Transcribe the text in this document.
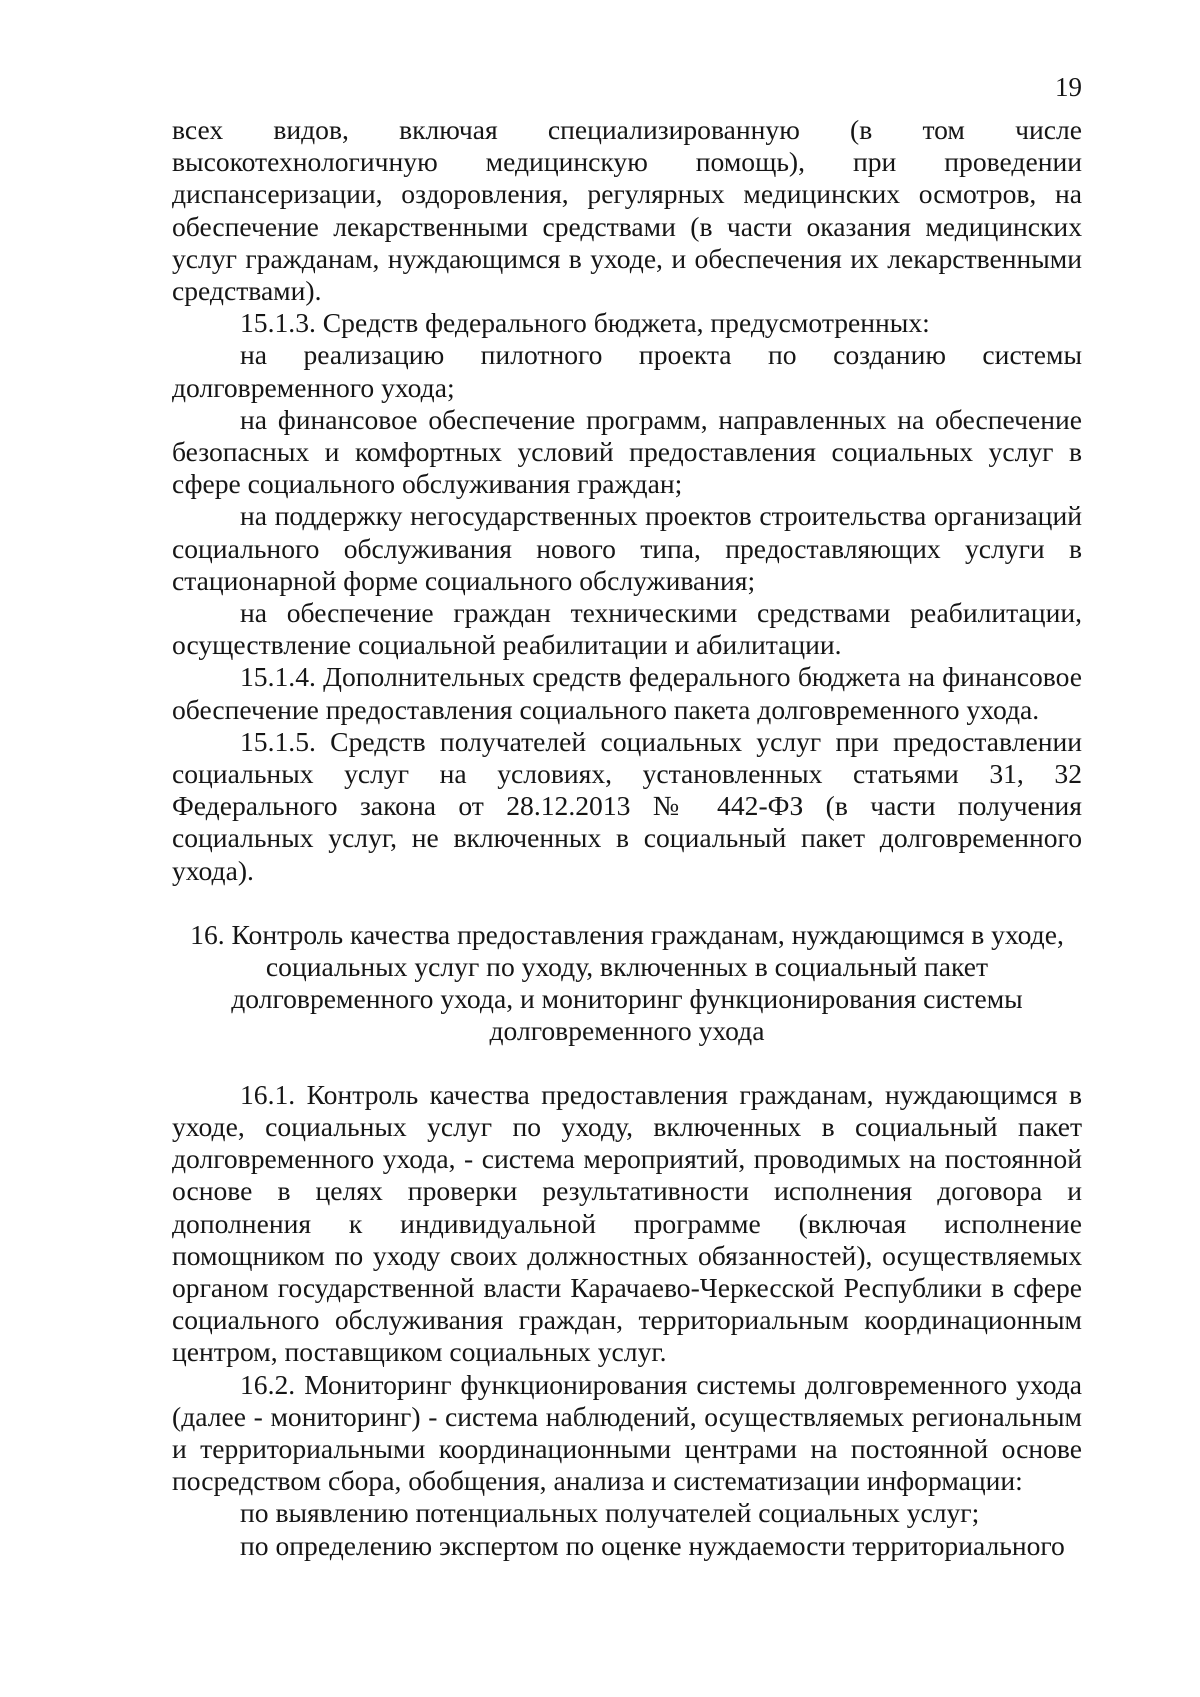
19

всех видов, включая специализированную (в том числе высокотехнологичную медицинскую помощь), при проведении диспансеризации, оздоровления, регулярных медицинских осмотров, на обеспечение лекарственными средствами (в части оказания медицинских услуг гражданам, нуждающимся в уходе, и обеспечения их лекарственными средствами).

15.1.3. Средств федерального бюджета, предусмотренных:

на реализацию пилотного проекта по созданию системы долговременного ухода;

на финансовое обеспечение программ, направленных на обеспечение безопасных и комфортных условий предоставления социальных услуг в сфере социального обслуживания граждан;

на поддержку негосударственных проектов строительства организаций социального обслуживания нового типа, предоставляющих услуги в стационарной форме социального обслуживания;

на обеспечение граждан техническими средствами реабилитации, осуществление социальной реабилитации и абилитации.

15.1.4. Дополнительных средств федерального бюджета на финансовое обеспечение предоставления социального пакета долговременного ухода.

15.1.5. Средств получателей социальных услуг при предоставлении социальных услуг на условиях, установленных статьями 31, 32 Федерального закона от 28.12.2013 № 442-ФЗ (в части получения социальных услуг, не включенных в социальный пакет долговременного ухода).

16. Контроль качества предоставления гражданам, нуждающимся в уходе,
социальных услуг по уходу, включенных в социальный пакет
долговременного ухода, и мониторинг функционирования системы
долговременного ухода

16.1. Контроль качества предоставления гражданам, нуждающимся в уходе, социальных услуг по уходу, включенных в социальный пакет долговременного ухода, - система мероприятий, проводимых на постоянной основе в целях проверки результативности исполнения договора и дополнения к индивидуальной программе (включая исполнение помощником по уходу своих должностных обязанностей), осуществляемых органом государственной власти Карачаево-Черкесской Республики в сфере социального обслуживания граждан, территориальным координационным центром, поставщиком социальных услуг.

16.2. Мониторинг функционирования системы долговременного ухода (далее - мониторинг) - система наблюдений, осуществляемых региональным и территориальными координационными центрами на постоянной основе посредством сбора, обобщения, анализа и систематизации информации:

по выявлению потенциальных получателей социальных услуг;

по определению экспертом по оценке нуждаемости территориального
